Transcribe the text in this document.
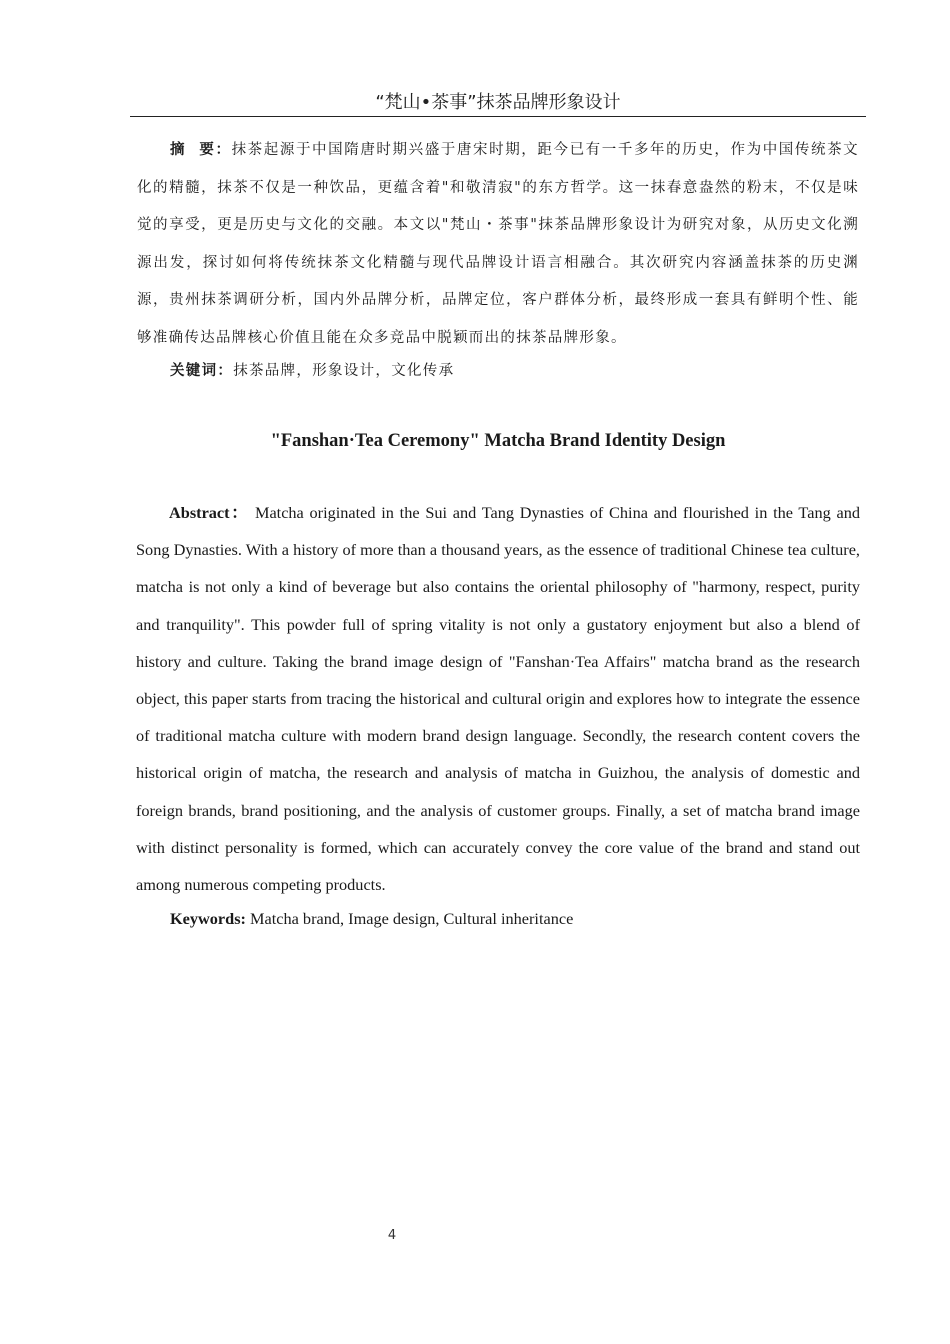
“梵山•茶事”抹茶品牌形象设计

摘  要：抹茶起源于中国隋唐时期兴盛于唐宋时期，距今已有一千多年的历史，作为中国传统茶文化的精髓，抹茶不仅是一种饮品，更蕴含着"和敬清寂"的东方哲学。这一抹春意盎然的粉末，不仅是味觉的享受，更是历史与文化的交融。本文以"梵山・茶事"抹茶品牌形象设计为研究对象，从历史文化溯源出发，探讨如何将传统抹茶文化精髓与现代品牌设计语言相融合。其次研究内容涵盖抹茶的历史渊源，贵州抹茶调研分析，国内外品牌分析，品牌定位，客户群体分析，最终形成一套具有鲜明个性、能够准确传达品牌核心价值且能在众多竞品中脱颖而出的抹茶品牌形象。

关键词：抹茶品牌，形象设计，文化传承

"Fanshan·Tea Ceremony" Matcha Brand Identity Design

Abstract： Matcha originated in the Sui and Tang Dynasties of China and flourished in the Tang and Song Dynasties. With a history of more than a thousand years, as the essence of traditional Chinese tea culture, matcha is not only a kind of beverage but also contains the oriental philosophy of "harmony, respect, purity and tranquility". This powder full of spring vitality is not only a gustatory enjoyment but also a blend of history and culture. Taking the brand image design of "Fanshan·Tea Affairs" matcha brand as the research object, this paper starts from tracing the historical and cultural origin and explores how to integrate the essence of traditional matcha culture with modern brand design language. Secondly, the research content covers the historical origin of matcha, the research and analysis of matcha in Guizhou, the analysis of domestic and foreign brands, brand positioning, and the analysis of customer groups. Finally, a set of matcha brand image with distinct personality is formed, which can accurately convey the core value of the brand and stand out among numerous competing products.

Keywords: Matcha brand, Image design, Cultural inheritance

4
